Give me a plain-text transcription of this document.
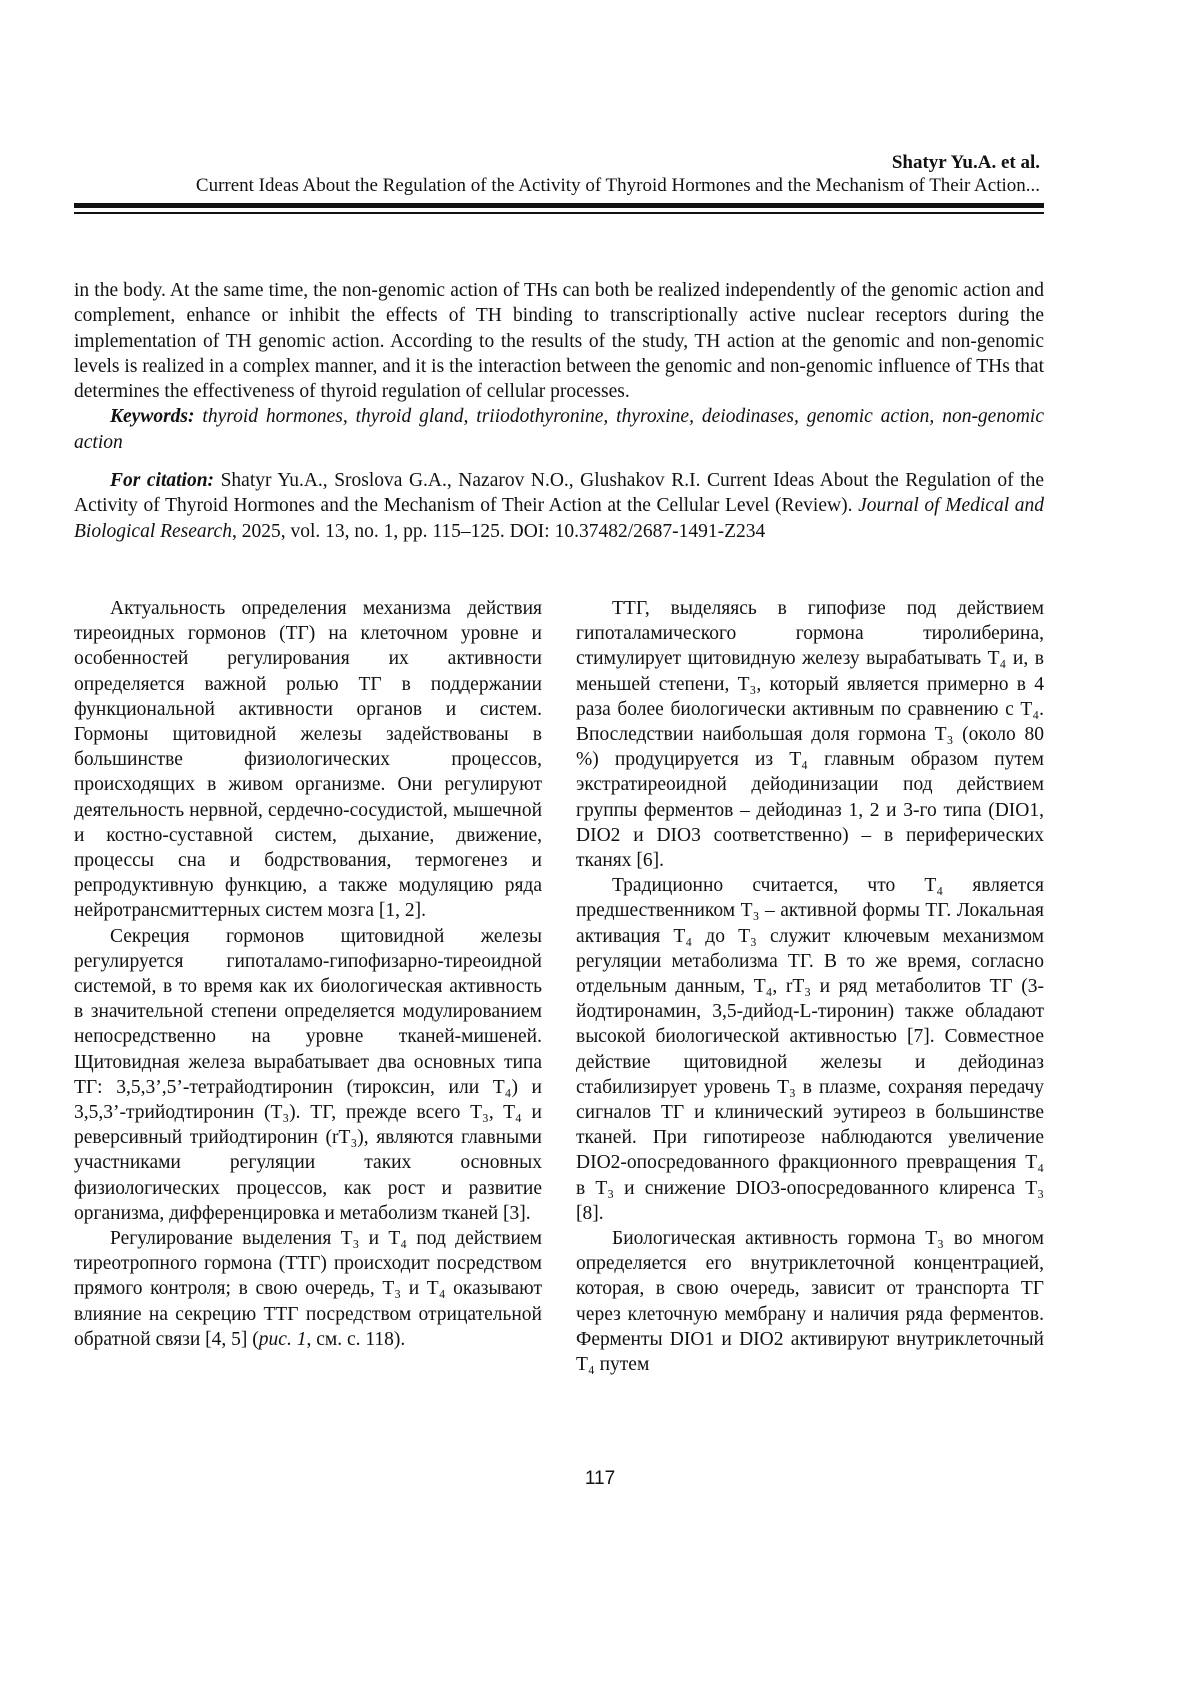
Shatyr Yu.A. et al.
Current Ideas About the Regulation of the Activity of Thyroid Hormones and the Mechanism of Their Action...

in the body. At the same time, the non-genomic action of THs can both be realized independently of the genomic action and complement, enhance or inhibit the effects of TH binding to transcriptionally active nuclear receptors during the implementation of TH genomic action. According to the results of the study, TH action at the genomic and non-genomic levels is realized in a complex manner, and it is the interaction between the genomic and non-genomic influence of THs that determines the effectiveness of thyroid regulation of cellular processes.

Keywords: thyroid hormones, thyroid gland, triiodothyronine, thyroxine, deiodinases, genomic action, non-genomic action

For citation: Shatyr Yu.A., Sroslova G.A., Nazarov N.O., Glushakov R.I. Current Ideas About the Regulation of the Activity of Thyroid Hormones and the Mechanism of Their Action at the Cellular Level (Review). Journal of Medical and Biological Research, 2025, vol. 13, no. 1, pp. 115–125. DOI: 10.37482/2687-1491-Z234

Актуальность определения механизма действия тиреоидных гормонов (ТГ) на клеточном уровне и особенностей регулирования их активности определяется важной ролью ТГ в поддержании функциональной активности органов и систем. Гормоны щитовидной железы задействованы в большинстве физиологических процессов, происходящих в живом организме. Они регулируют деятельность нервной, сердечно-сосудистой, мышечной и костно-суставной систем, дыхание, движение, процессы сна и бодрствования, термогенез и репродуктивную функцию, а также модуляцию ряда нейротрансмиттерных систем мозга [1, 2].

Секреция гормонов щитовидной железы регулируется гипоталамо-гипофизарно-тиреоидной системой, в то время как их биологическая активность в значительной степени определяется модулированием непосредственно на уровне тканей-мишеней. Щитовидная железа вырабатывает два основных типа ТГ: 3,5,3’,5’-тетрайодтиронин (тироксин, или T₄) и 3,5,3’-трийодтиронин (T₃). ТГ, прежде всего T₃, T₄ и реверсивный трийодтиронин (rT₃), являются главными участниками регуляции таких основных физиологических процессов, как рост и развитие организма, дифференцировка и метаболизм тканей [3].

Регулирование выделения T₃ и T₄ под действием тиреотропного гормона (ТТГ) происходит посредством прямого контроля; в свою очередь, T₃ и T₄ оказывают влияние на секрецию ТТГ посредством отрицательной обратной связи [4, 5] (рис. 1, см. с. 118).

ТТГ, выделяясь в гипофизе под действием гипоталамического гормона тиролиберина, стимулирует щитовидную железу вырабатывать T₄ и, в меньшей степени, T₃, который является примерно в 4 раза более биологически активным по сравнению с T₄. Впоследствии наибольшая доля гормона T₃ (около 80 %) продуцируется из T₄ главным образом путем экстратиреоидной дейодинизации под действием группы ферментов – дейодиназ 1, 2 и 3-го типа (DIO1, DIO2 и DIO3 соответственно) – в периферических тканях [6].

Традиционно считается, что T₄ является предшественником T₃ – активной формы ТГ. Локальная активация T₄ до T₃ служит ключевым механизмом регуляции метаболизма ТГ. В то же время, согласно отдельным данным, T₄, rT₃ и ряд метаболитов ТГ (3-йодтиронамин, 3,5-дийод-L-тиронин) также обладают высокой биологической активностью [7]. Совместное действие щитовидной железы и дейодиназ стабилизирует уровень T₃ в плазме, сохраняя передачу сигналов ТГ и клинический эутиреоз в большинстве тканей. При гипотиреозе наблюдаются увеличение DIO2-опосредованного фракционного превращения T₄ в T₃ и снижение DIO3-опосредованного клиренса T₃ [8].

Биологическая активность гормона T₃ во многом определяется его внутриклеточной концентрацией, которая, в свою очередь, зависит от транспорта ТГ через клеточную мембрану и наличия ряда ферментов. Ферменты DIO1 и DIO2 активируют внутриклеточный T₄ путем

117
